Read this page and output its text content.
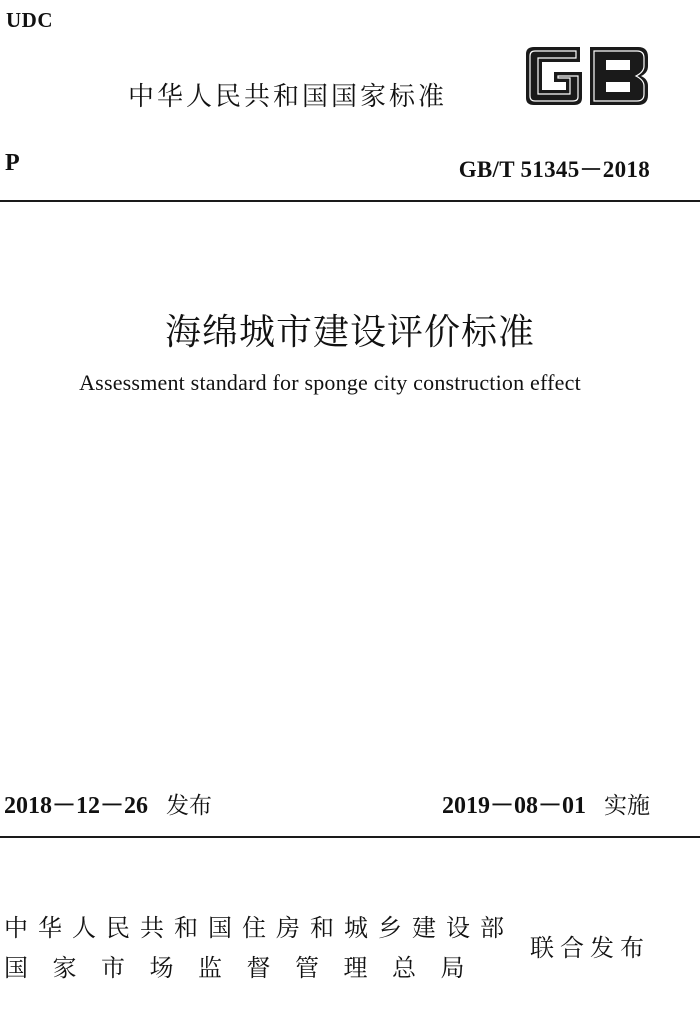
UDC
中华人民共和国国家标准
P	GB/T 51345－2018
海绵城市建设评价标准
Assessment standard for sponge city construction effect
2018－12－26 发布	2019－08－01 实施
中华人民共和国住房和城乡建设部
国家市场监督管理总局
联合发布
